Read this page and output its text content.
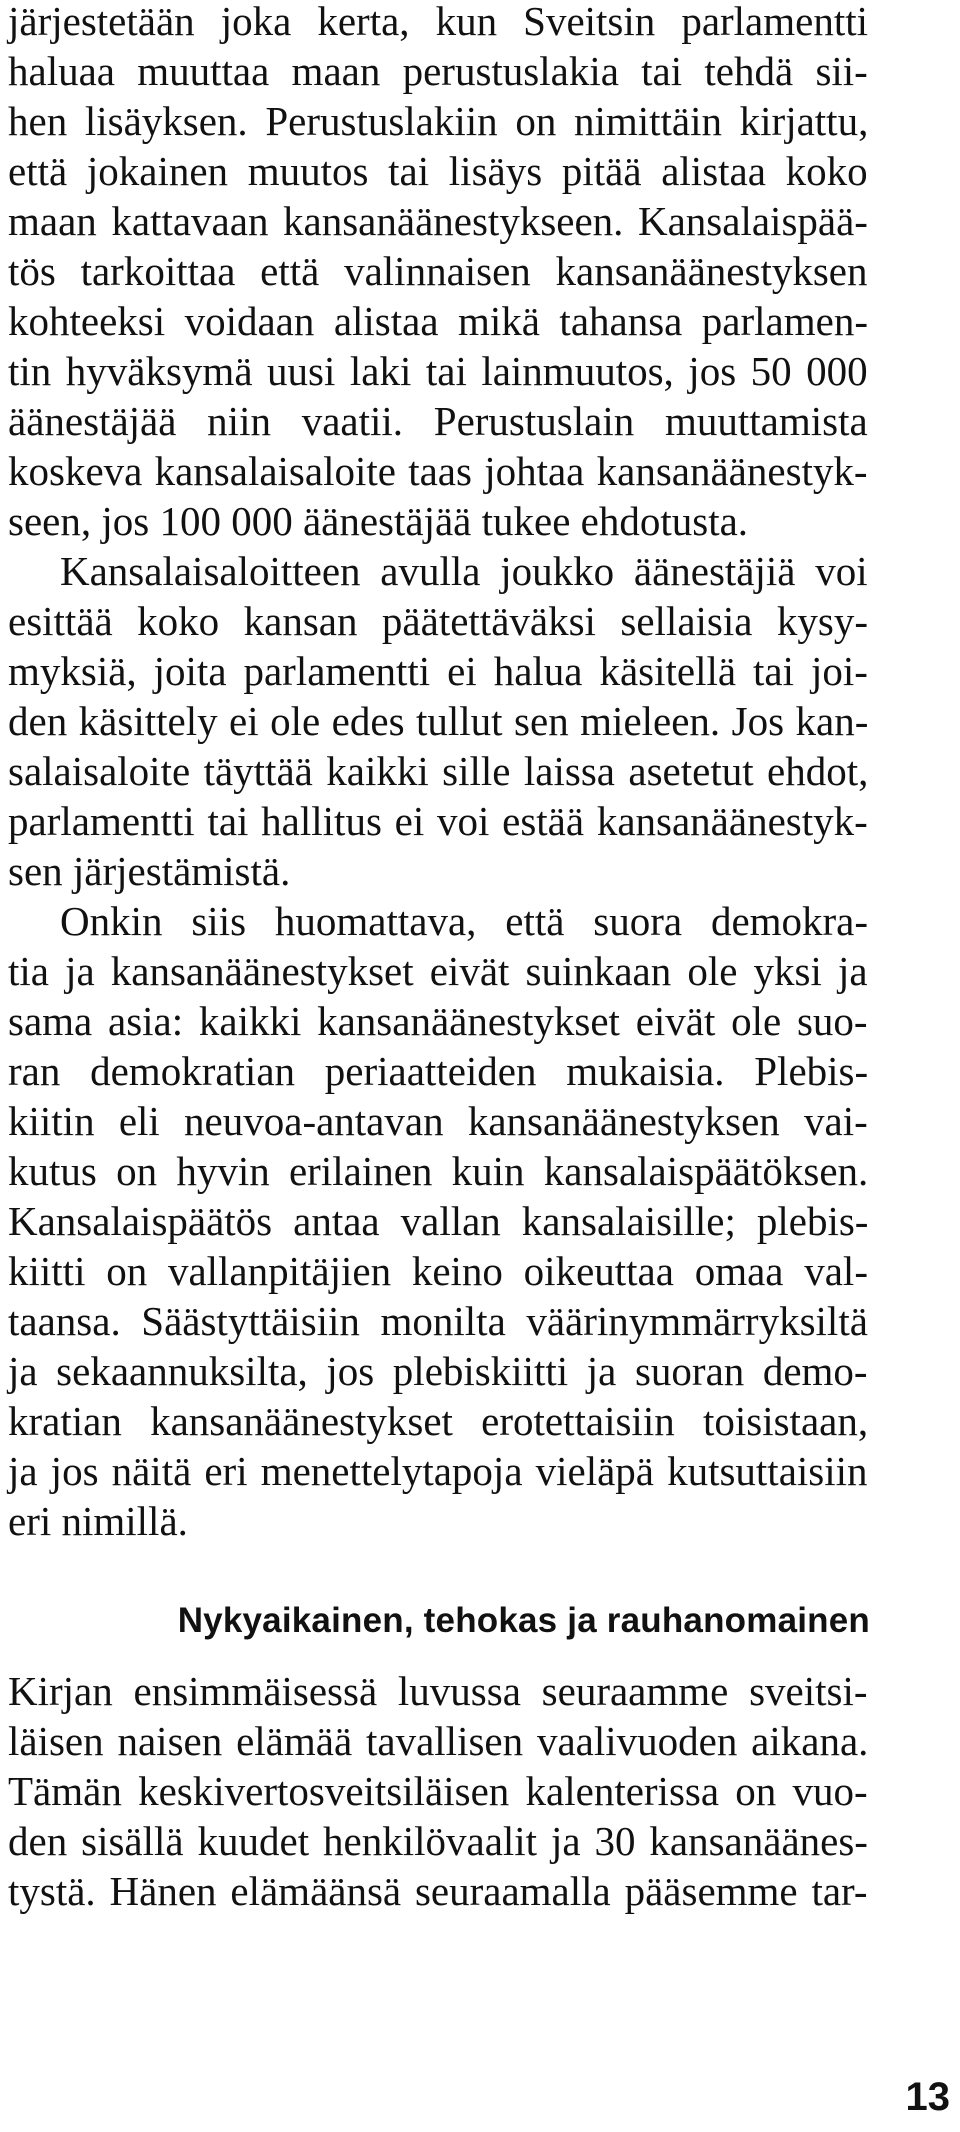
järjestetään joka kerta, kun Sveitsin parlamentti
haluaa muuttaa maan perustuslakia tai tehdä sii-
hen lisäyksen. Perustuslakiin on nimittäin kirjattu,
että jokainen muutos tai lisäys pitää alistaa koko
maan kattavaan kansanäänestykseen. Kansalaispää-
tös tarkoittaa että valinnaisen kansanäänestyksen
kohteeksi voidaan alistaa mikä tahansa parlamen-
tin hyväksymä uusi laki tai lainmuutos, jos 50 000
äänestäjää niin vaatii. Perustuslain muuttamista
koskeva kansalaisaloite taas johtaa kansanäänestyk-
seen, jos 100 000 äänestäjää tukee ehdotusta.
Kansalaisaloitteen avulla joukko äänestäjiä voi
esittää koko kansan päätettäväksi sellaisia kysy-
myksiä, joita parlamentti ei halua käsitellä tai joi-
den käsittely ei ole edes tullut sen mieleen. Jos kan-
salaisaloite täyttää kaikki sille laissa asetetut ehdot,
parlamentti tai hallitus ei voi estää kansanäänestyk-
sen järjestämistä.
Onkin siis huomattava, että suora demokra-
tia ja kansanäänestykset eivät suinkaan ole yksi ja
sama asia: kaikki kansanäänestykset eivät ole suo-
ran demokratian periaatteiden mukaisia. Plebis-
kiitin eli neuvoa-antavan kansanäänestyksen vai-
kutus on hyvin erilainen kuin kansalaispäätöksen.
Kansalaispäätös antaa vallan kansalaisille; plebis-
kiitti on vallanpitäjien keino oikeuttaa omaa val-
taansa. Säästyttäisiin monilta väärinymmärryksiltä
ja sekaannuksilta, jos plebiskiitti ja suoran demo-
kratian kansanäänestykset erotettaisiin toisistaan,
ja jos näitä eri menettelytapoja vieläpä kutsuttaisiin
eri nimillä.
Nykyaikainen, tehokas ja rauhanomainen
Kirjan ensimmäisessä luvussa seuraamme sveitsi-
läisen naisen elämää tavallisen vaalivuoden aikana.
Tämän keskivertosveitsiläisen kalenterissa on vuo-
den sisällä kuudet henkilövaalit ja 30 kansanäänes-
tystä. Hänen elämäänsä seuraamalla pääsemme tar-
13
